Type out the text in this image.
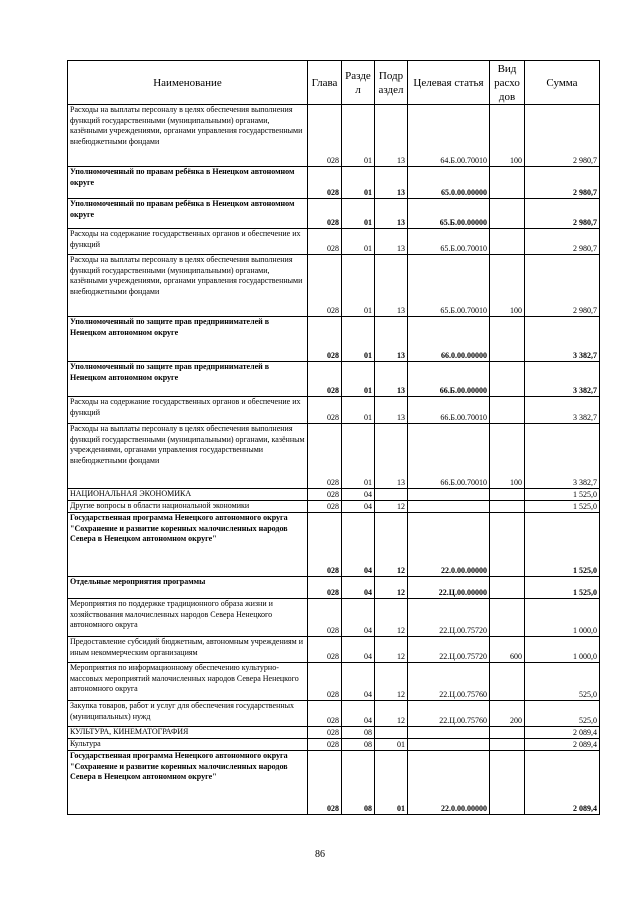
Наименование	Глава	Разде л	Подр аздел	Целевая статья	Вид расхо дов	Сумма
Расходы на выплаты персоналу в целях обеспечения выполнения функций государственными (муниципальными) органами, казёнными учреждениями, органами управления государственными внебюджетными фондами	028	01	13	64.Б.00.70010	100	2 980,7
Уполномоченный по правам ребёнка в Ненецком автономном округе	028	01	13	65.0.00.00000		2 980,7
Уполномоченный по правам ребёнка в Ненецком автономном округе	028	01	13	65.Б.00.00000		2 980,7
Расходы на содержание государственных органов и обеспечение их функций	028	01	13	65.Б.00.70010		2 980,7
Расходы на выплаты персоналу в целях обеспечения выполнения функций государственными (муниципальными) органами, казёнными учреждениями, органами управления государственными внебюджетными фондами	028	01	13	65.Б.00.70010	100	2 980,7
Уполномоченный по защите прав предпринимателей в Ненецком автономном округе	028	01	13	66.0.00.00000		3 382,7
Уполномоченный по защите прав предпринимателей в Ненецком автономном округе	028	01	13	66.Б.00.00000		3 382,7
Расходы на содержание государственных органов и обеспечение их функций	028	01	13	66.Б.00.70010		3 382,7
Расходы на выплаты персоналу в целях обеспечения выполнения функций государственными (муниципальными) органами, казённым учреждениями, органами управления государственными внебюджетными фондами	028	01	13	66.Б.00.70010	100	3 382,7
НАЦИОНАЛЬНАЯ ЭКОНОМИКА	028	04				1 525,0
Другие вопросы в области национальной экономики	028	04	12			1 525,0
Государственная программа Ненецкого автономного округа "Сохранение и развитие коренных малочисленных народов Севера в Ненецком автономном округе"	028	04	12	22.0.00.00000		1 525,0
Отдельные мероприятия программы	028	04	12	22.Ц.00.00000		1 525,0
Мероприятия по поддержке традиционного образа жизни и хозяйствования малочисленных народов Севера Ненецкого автономного округа	028	04	12	22.Ц.00.75720		1 000,0
Предоставление субсидий бюджетным, автономным учреждениям и иным некоммерческим организациям	028	04	12	22.Ц.00.75720	600	1 000,0
Мероприятия по информационному обеспечению культурно-массовых мероприятий малочисленных народов Севера Ненецкого автономного округа	028	04	12	22.Ц.00.75760		525,0
Закупка товаров, работ и услуг для обеспечения государственных (муниципальных) нужд	028	04	12	22.Ц.00.75760	200	525,0
КУЛЬТУРА, КИНЕМАТОГРАФИЯ	028	08				2 089,4
Культура	028	08	01			2 089,4
Государственная программа Ненецкого автономного округа "Сохранение и развитие коренных малочисленных народов Севера в Ненецком автономном округе"	028	08	01	22.0.00.00000		2 089,4
86
